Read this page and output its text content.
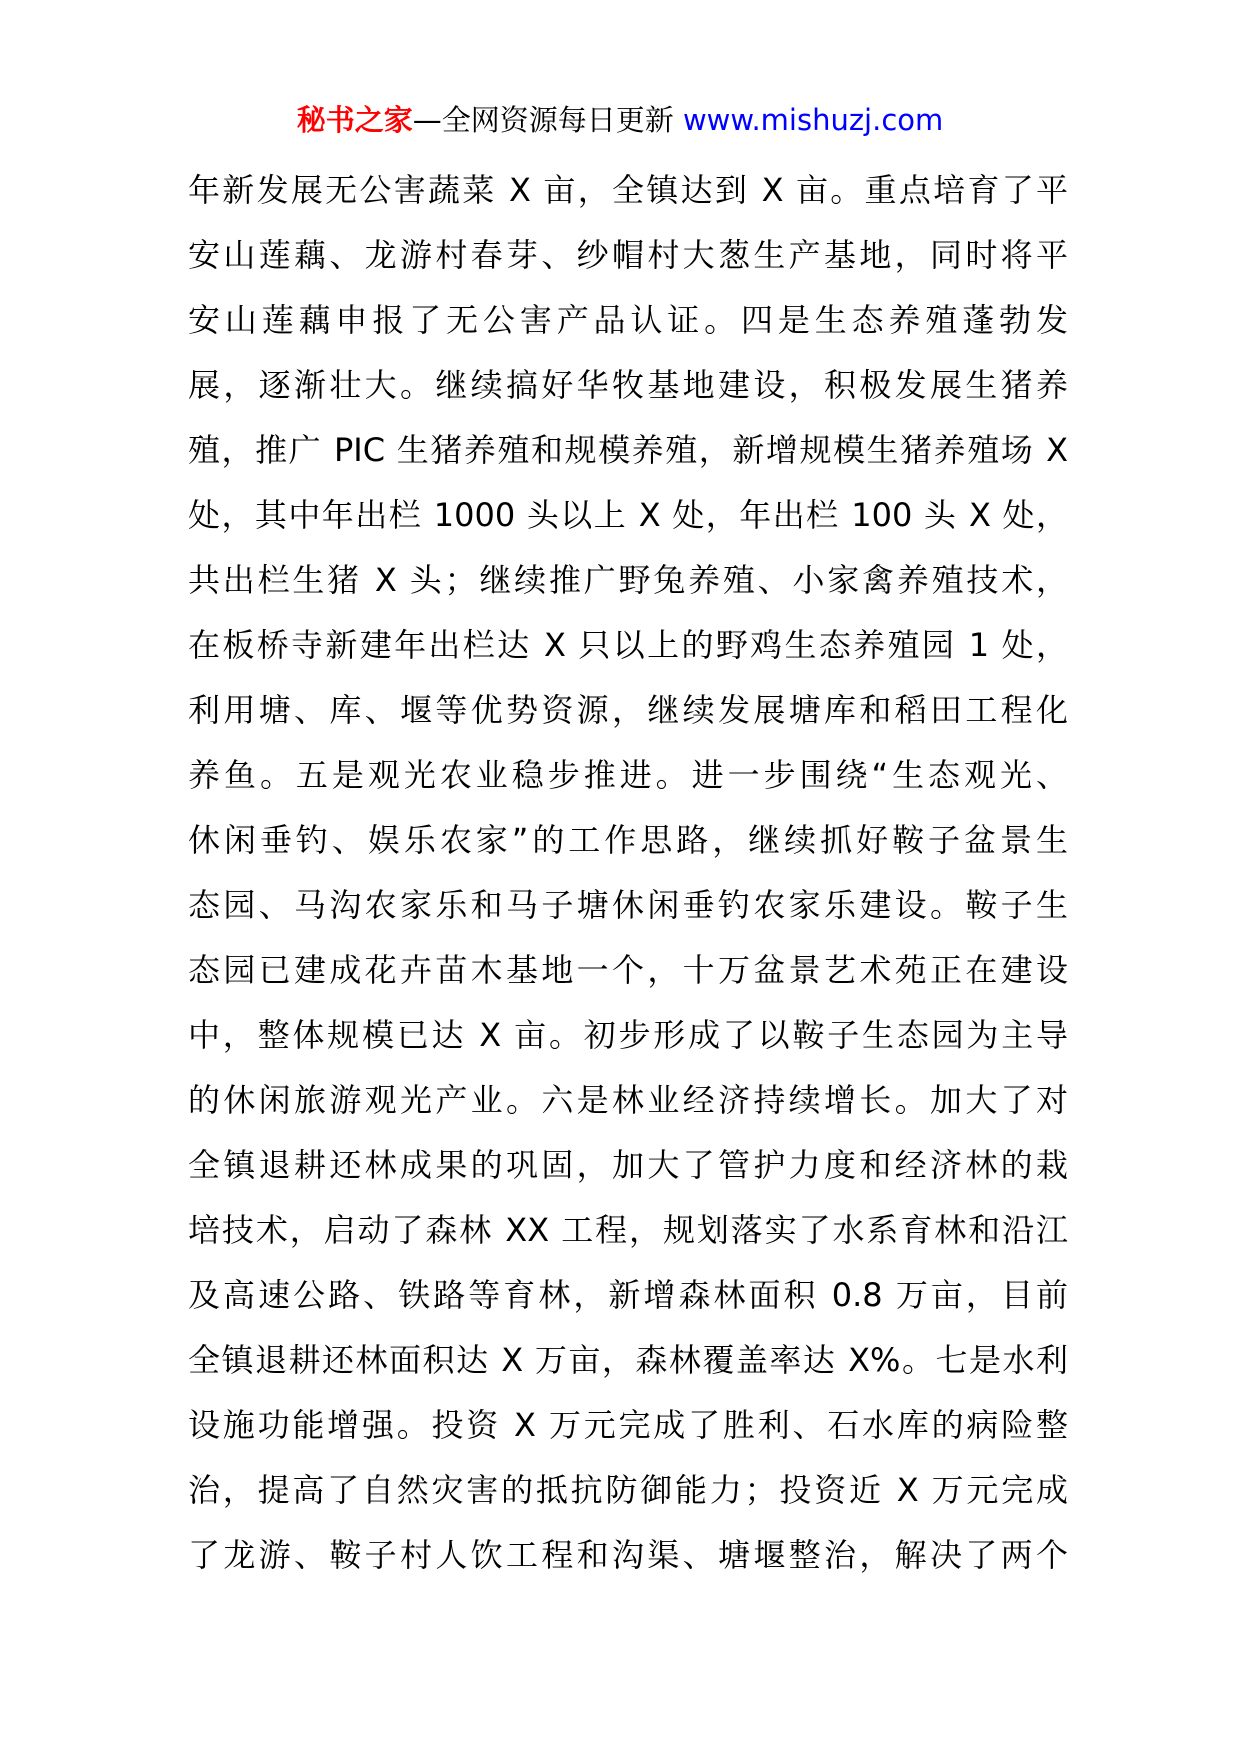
秘书之家—全网资源每日更新 www.mishuzj.com
年新发展无公害蔬菜 X 亩，全镇达到 X 亩。重点培育了平
安山莲藕、龙游村春芽、纱帽村大葱生产基地，同时将平
安山莲藕申报了无公害产品认证。四是生态养殖蓬勃发
展，逐渐壮大。继续搞好华牧基地建设，积极发展生猪养
殖，推广 PIC 生猪养殖和规模养殖，新增规模生猪养殖场 X
处，其中年出栏 1000 头以上 X 处，年出栏 100 头 X 处，
共出栏生猪 X 头；继续推广野兔养殖、小家禽养殖技术，
在板桥寺新建年出栏达 X 只以上的野鸡生态养殖园 1 处，
利用塘、库、堰等优势资源，继续发展塘库和稻田工程化
养鱼。五是观光农业稳步推进。进一步围绕“生态观光、
休闲垂钓、娱乐农家”的工作思路，继续抓好鞍子盆景生
态园、马沟农家乐和马子塘休闲垂钓农家乐建设。鞍子生
态园已建成花卉苗木基地一个，十万盆景艺术苑正在建设
中，整体规模已达 X 亩。初步形成了以鞍子生态园为主导
的休闲旅游观光产业。六是林业经济持续增长。加大了对
全镇退耕还林成果的巩固，加大了管护力度和经济林的栽
培技术，启动了森林 XX 工程，规划落实了水系育林和沿江
及高速公路、铁路等育林，新增森林面积 0.8 万亩，目前
全镇退耕还林面积达 X 万亩，森林覆盖率达 X%。七是水利
设施功能增强。投资 X 万元完成了胜利、石水库的病险整
治，提高了自然灾害的抵抗防御能力；投资近 X 万元完成
了龙游、鞍子村人饮工程和沟渠、塘堰整治，解决了两个
